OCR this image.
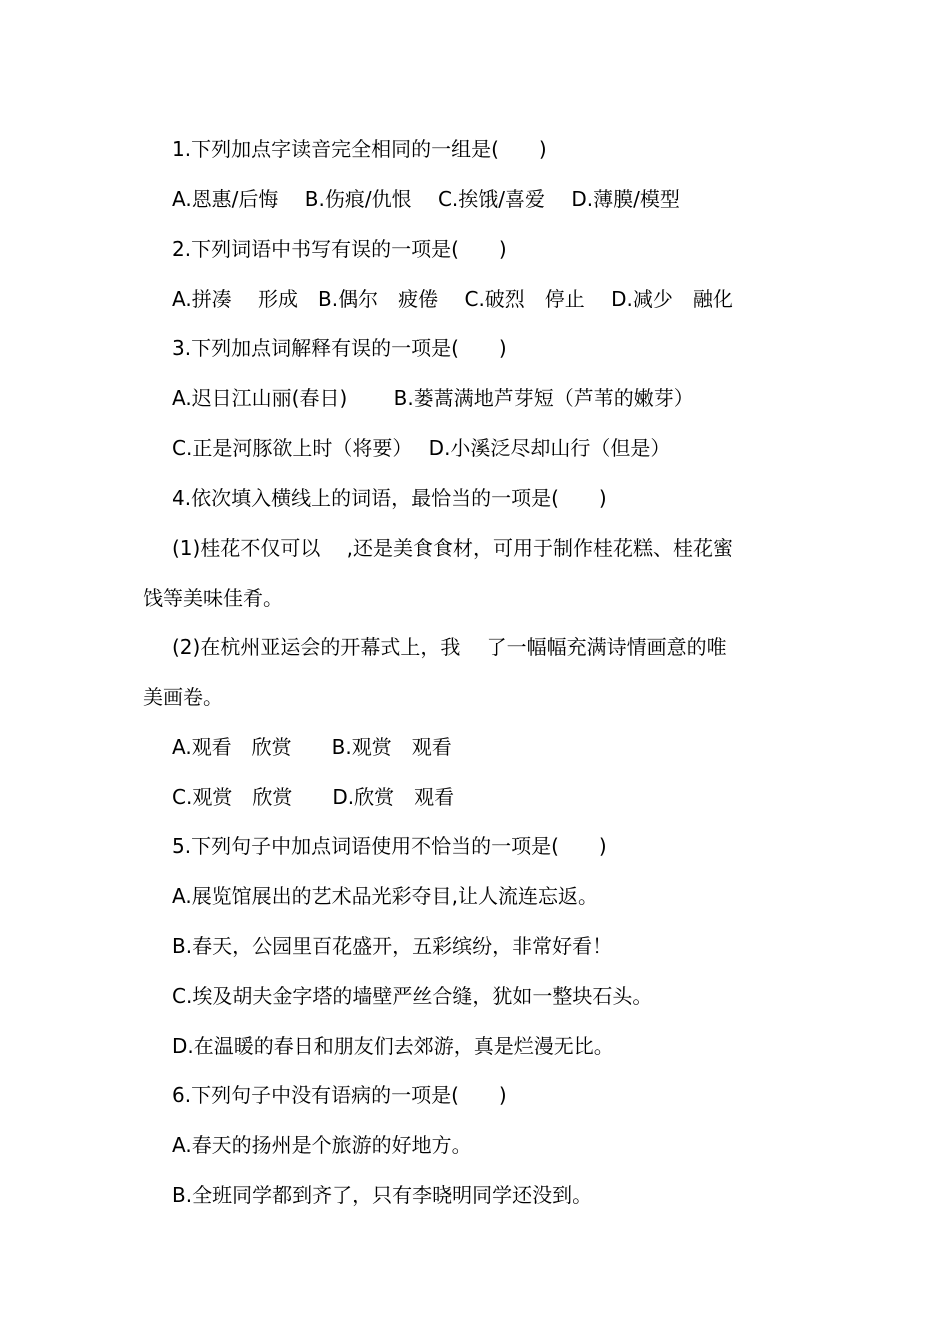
1.下列加点字读音完全相同的一组是(　　)
A.恩惠/后悔　 B.伤痕/仇恨　 C.挨饿/喜爱　 D.薄膜/模型
2.下列词语中书写有误的一项是(　　)
A.拼凑　 形成　B.偶尔　疲倦　 C.破烈　停止　 D.减少　融化
3.下列加点词解释有误的一项是(　　)
A.迟日江山丽(春日)　　 B.蒌蒿满地芦芽短（芦苇的嫩芽）
C.正是河豚欲上时（将要）　 D.小溪泛尽却山行（但是）
4.依次填入横线上的词语，最恰当的一项是(　　)
(1)桂花不仅可以　 ,还是美食食材，可用于制作桂花糕、桂花蜜
饯等美味佳肴。
(2)在杭州亚运会的开幕式上，我　 了一幅幅充满诗情画意的唯
美画卷。
A.观看　欣赏　　B.观赏　观看
C.观赏　欣赏　　D.欣赏　观看
5.下列句子中加点词语使用不恰当的一项是(　　)
A.展览馆展出的艺术品光彩夺目,让人流连忘返。
B.春天，公园里百花盛开，五彩缤纷，非常好看！
C.埃及胡夫金字塔的墙壁严丝合缝，犹如一整块石头。
D.在温暖的春日和朋友们去郊游，真是烂漫无比。
6.下列句子中没有语病的一项是(　　)
A.春天的扬州是个旅游的好地方。
B.全班同学都到齐了，只有李晓明同学还没到。
